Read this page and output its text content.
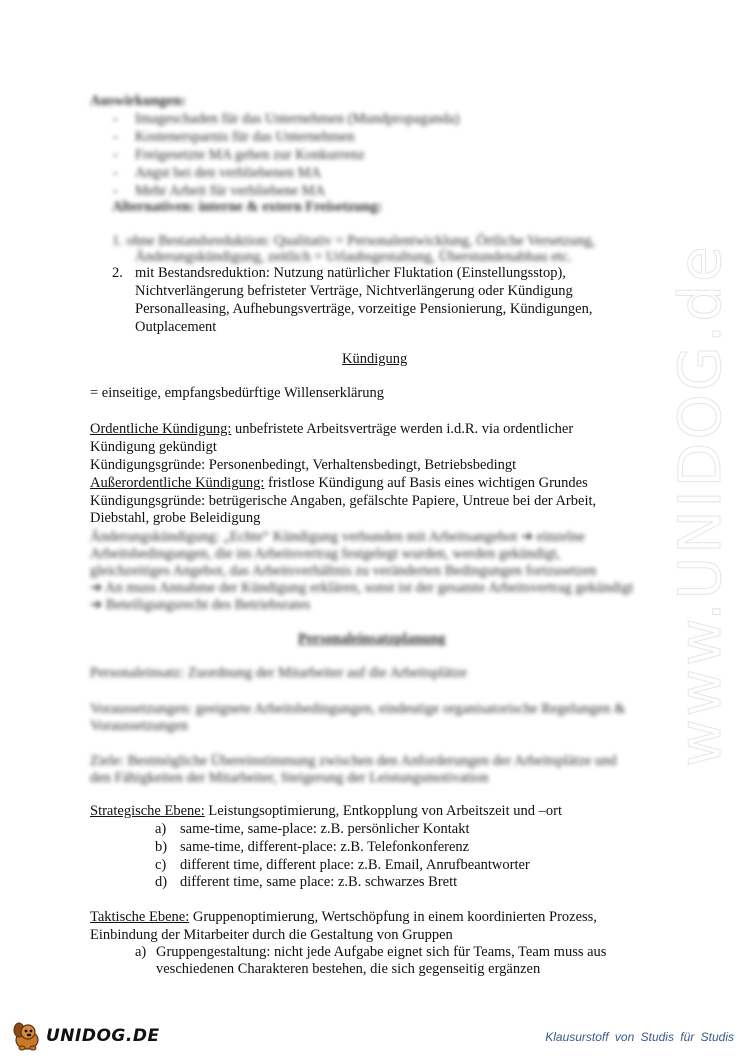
www.UNIDOG.de
Auswirkungen:
- Imageschaden für das Unternehmen (Mundpropaganda)
- Kostenersparnis für das Unternehmen
- Freigesetzte MA gehen zur Konkurrenz
- Angst bei den verbliebenen MA
- Mehr Arbeit für verbliebene MA
Alternativen: interne & extern Freisetzung:
1. ohne Bestandsreduktion: Qualitativ = Personalentwicklung, Örtliche Versetzung,
Änderungskündigung, zeitlich = Urlaubsgestaltung, Überstundenabbau etc.
2. mit Bestandsreduktion: Nutzung natürlicher Fluktation (Einstellungsstop),
Nichtverlängerung befristeter Verträge, Nichtverlängerung oder Kündigung
Personalleasing, Aufhebungsverträge, vorzeitige Pensionierung, Kündigungen,
Outplacement
Kündigung
= einseitige, empfangsbedürftige Willenserklärung
Ordentliche Kündigung: unbefristete Arbeitsverträge werden i.d.R. via ordentlicher
Kündigung gekündigt
Kündigungsgründe: Personenbedingt, Verhaltensbedingt, Betriebsbedingt
Außerordentliche Kündigung: fristlose Kündigung auf Basis eines wichtigen Grundes
Kündigungsgründe: betrügerische Angaben, gefälschte Papiere, Untreue bei der Arbeit,
Diebstahl, grobe Beleidigung
Änderungskündigung: „Echte“ Kündigung verbunden mit Arbeitsangebot ➔ einzelne
Arbeitsbedingungen, die im Arbeitsvertrag festgelegt wurden, werden gekündigt,
gleichzeitiges Angebot, das Arbeitsverhältnis zu veränderten Bedingungen fortzusetzen
➔ An muss Annahme der Kündigung erklären, sonst ist der gesamte Arbeitsvertrag gekündigt
➔ Beteiligungsrecht des Betriebsrates
Personaleinsatzplanung
Personaleinsatz: Zuordnung der Mitarbeiter auf die Arbeitsplätze
Voraussetzungen: geeignete Arbeitsbedingungen, eindeutige organisatorische Regelungen &
Voraussetzungen
Ziele: Bestmögliche Übereinstimmung zwischen den Anforderungen der Arbeitsplätze und
den Fähigkeiten der Mitarbeiter, Steigerung der Leistungsmotivation
Strategische Ebene: Leistungsoptimierung, Entkopplung von Arbeitszeit und –ort
a) same-time, same-place: z.B. persönlicher Kontakt
b) same-time, different-place: z.B. Telefonkonferenz
c) different time, different place: z.B. Email, Anrufbeantworter
d) different time, same place: z.B. schwarzes Brett
Taktische Ebene: Gruppenoptimierung, Wertschöpfung in einem koordinierten Prozess,
Einbindung der Mitarbeiter durch die Gestaltung von Gruppen
a) Gruppengestaltung: nicht jede Aufgabe eignet sich für Teams, Team muss aus
veschiedenen Charakteren bestehen, die sich gegenseitig ergänzen
UNIDOG.DE	Klausurstoff von Studis für Studis
